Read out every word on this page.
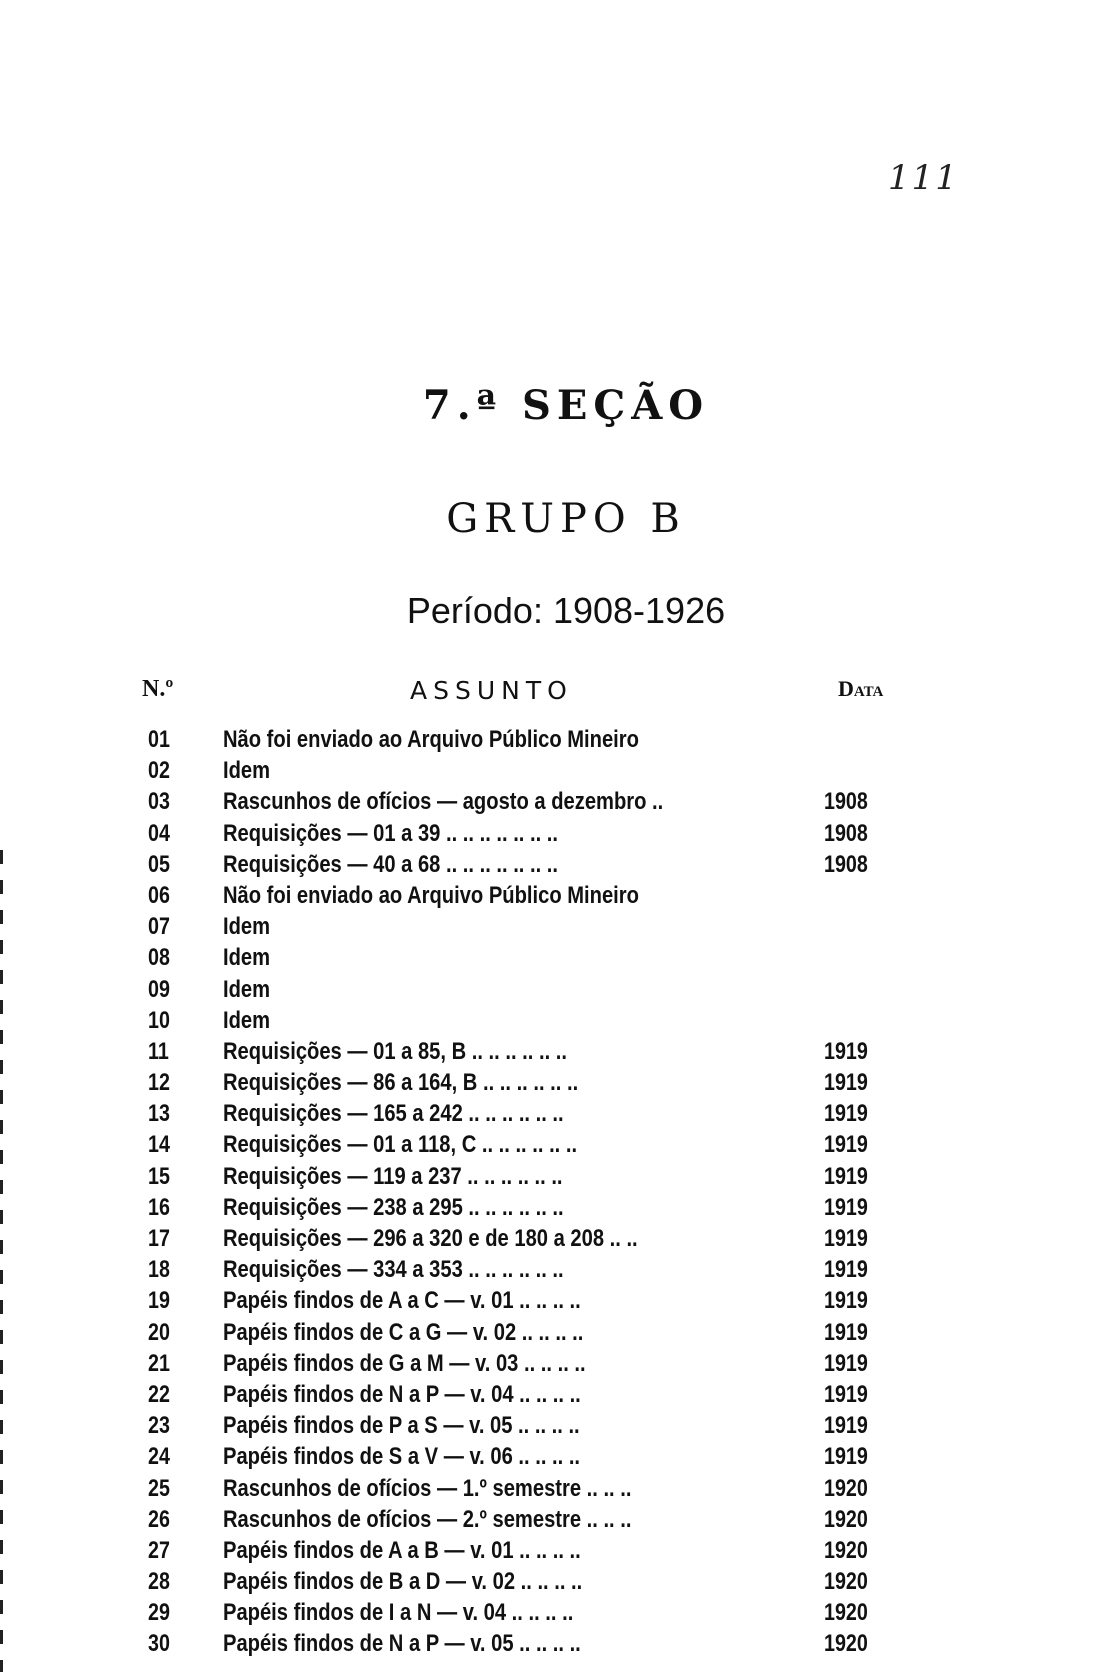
111
7.ª SEÇÃO
GRUPO B
Período: 1908-1926
N.º	ASSUNTO	Data
01	Não foi enviado ao Arquivo Público Mineiro
02	Idem
03	Rascunhos de ofícios — agosto a dezembro ..	1908
04	Requisições — 01 a 39 .. .. .. .. .. .. ..	1908
05	Requisições — 40 a 68 .. .. .. .. .. .. ..	1908
06	Não foi enviado ao Arquivo Público Mineiro
07	Idem
08	Idem
09	Idem
10	Idem
11	Requisições — 01 a 85, B .. .. .. .. .. ..	1919
12	Requisições — 86 a 164, B .. .. .. .. .. ..	1919
13	Requisições — 165 a 242 .. .. .. .. .. ..	1919
14	Requisições — 01 a 118, C .. .. .. .. .. ..	1919
15	Requisições — 119 a 237 .. .. .. .. .. ..	1919
16	Requisições — 238 a 295 .. .. .. .. .. ..	1919
17	Requisições — 296 a 320 e de 180 a 208 .. ..	1919
18	Requisições — 334 a 353 .. .. .. .. .. ..	1919
19	Papéis findos de A a C — v. 01 .. .. .. ..	1919
20	Papéis findos de C a G — v. 02 .. .. .. ..	1919
21	Papéis findos de G a M — v. 03 .. .. .. ..	1919
22	Papéis findos de N a P — v. 04 .. .. .. ..	1919
23	Papéis findos de P a S — v. 05 .. .. .. ..	1919
24	Papéis findos de S a V — v. 06 .. .. .. ..	1919
25	Rascunhos de ofícios — 1.º semestre .. .. ..	1920
26	Rascunhos de ofícios — 2.º semestre .. .. ..	1920
27	Papéis findos de A a B — v. 01 .. .. .. ..	1920
28	Papéis findos de B a D — v. 02 .. .. .. ..	1920
29	Papéis findos de I a N — v. 04 .. .. .. ..	1920
30	Papéis findos de N a P — v. 05 .. .. .. ..	1920
